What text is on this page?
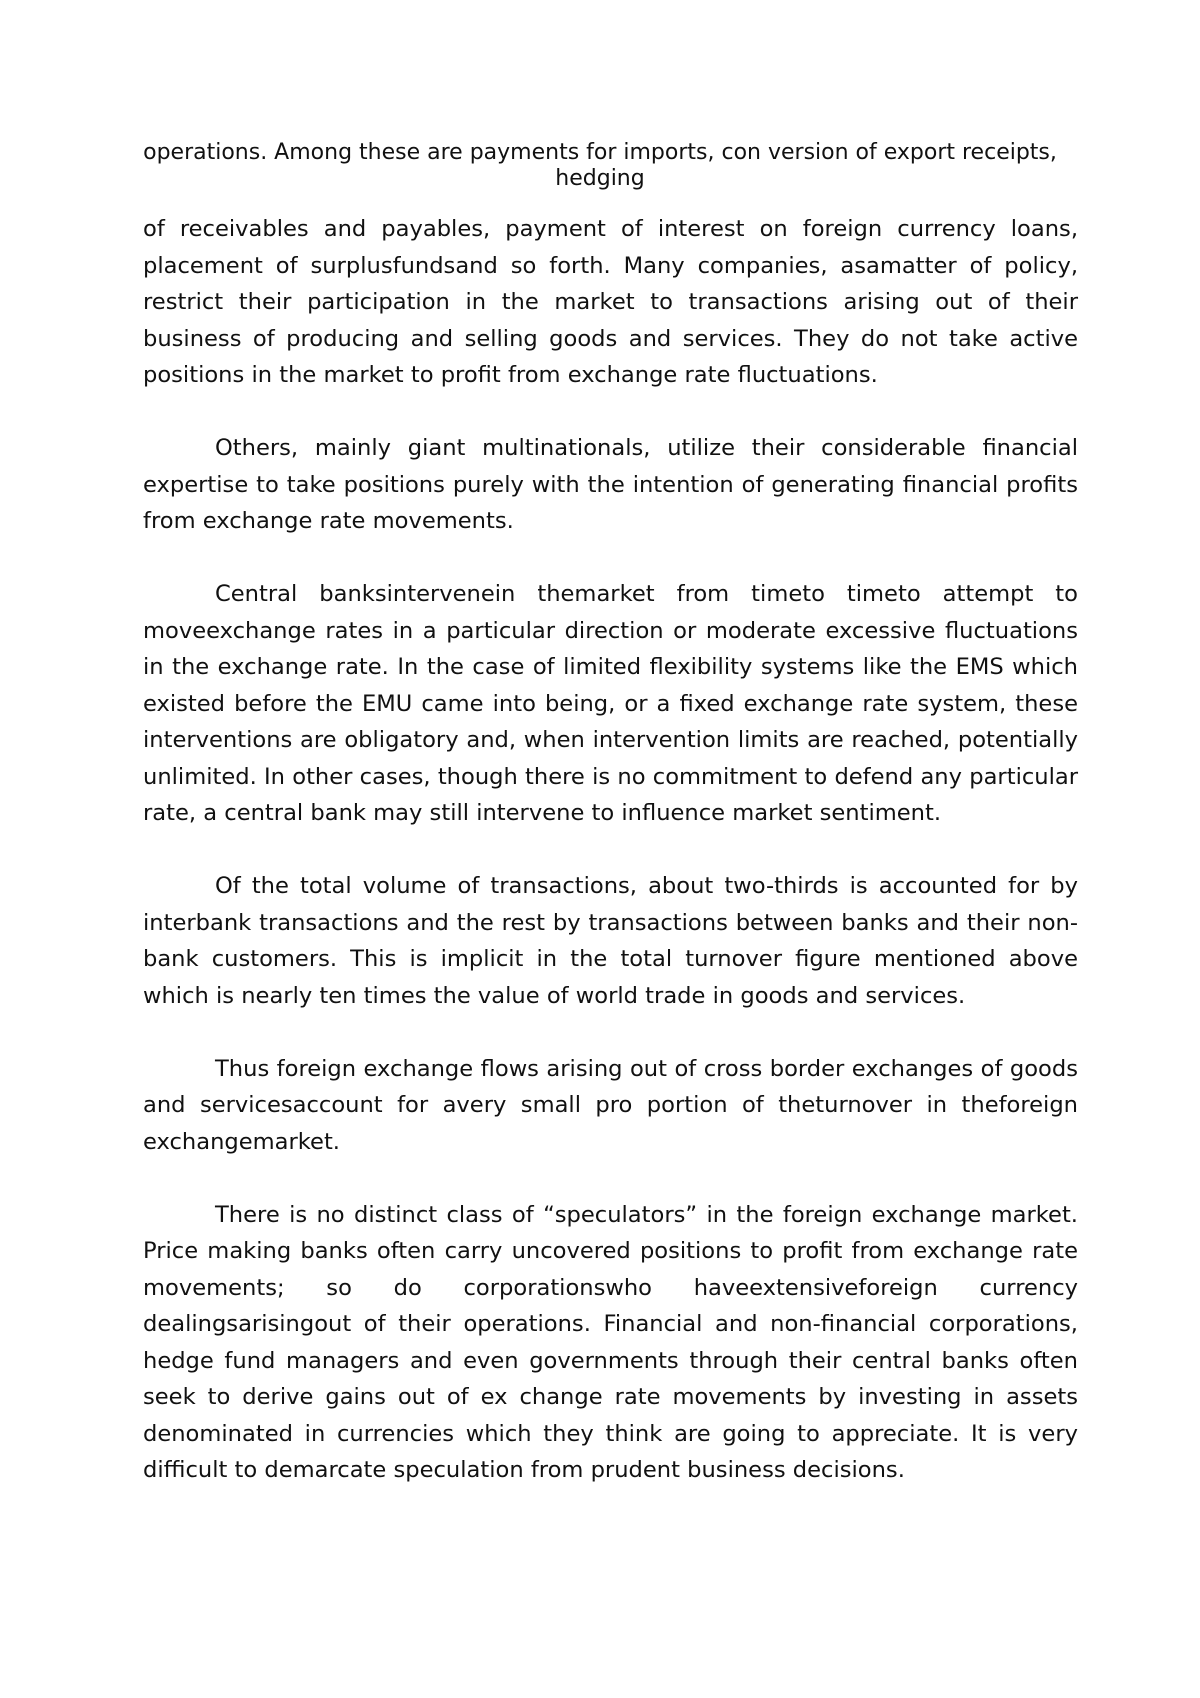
operations. Among these are payments for imports, con version of export receipts,

hedging

of receivables and payables, payment of interest on foreign currency loans, placement of surplusfundsand so forth. Many companies, asamatter of policy, restrict their participation in the market to transactions arising out of their business of producing and selling goods and services. They do not take active positions in the market to profit from exchange rate fluctuations.

Others, mainly giant multinationals, utilize their considerable financial expertise to take positions purely with the intention of generating financial profits from exchange rate movements.

Central banksintervenein themarket from timeto timeto attempt to moveexchange rates in a particular direction or moderate excessive fluctuations in the exchange rate. In the case of limited flexibility systems like the EMS which existed before the EMU came into being, or a fixed exchange rate system, these interventions are obligatory and, when intervention limits are reached, potentially unlimited. In other cases, though there is no commitment to defend any particular rate, a central bank may still intervene to influence market sentiment.

Of the total volume of transactions, about two-thirds is accounted for by interbank transactions and the rest by transactions between banks and their non-bank customers. This is implicit in the total turnover figure mentioned above which is nearly ten times the value of world trade in goods and services.

Thus foreign exchange flows arising out of cross border exchanges of goods and servicesaccount for avery small pro portion of theturnover in theforeign exchangemarket.

There is no distinct class of “speculators” in the foreign exchange market. Price making banks often carry uncovered positions to profit from exchange rate movements; so do corporationswho haveextensiveforeign currency dealingsarisingout of their operations. Financial and non-financial corporations, hedge fund managers and even governments through their central banks often seek to derive gains out of ex change rate movements by investing in assets denominated in currencies which they think are going to appreciate. It is very difficult to demarcate speculation from prudent business decisions.
